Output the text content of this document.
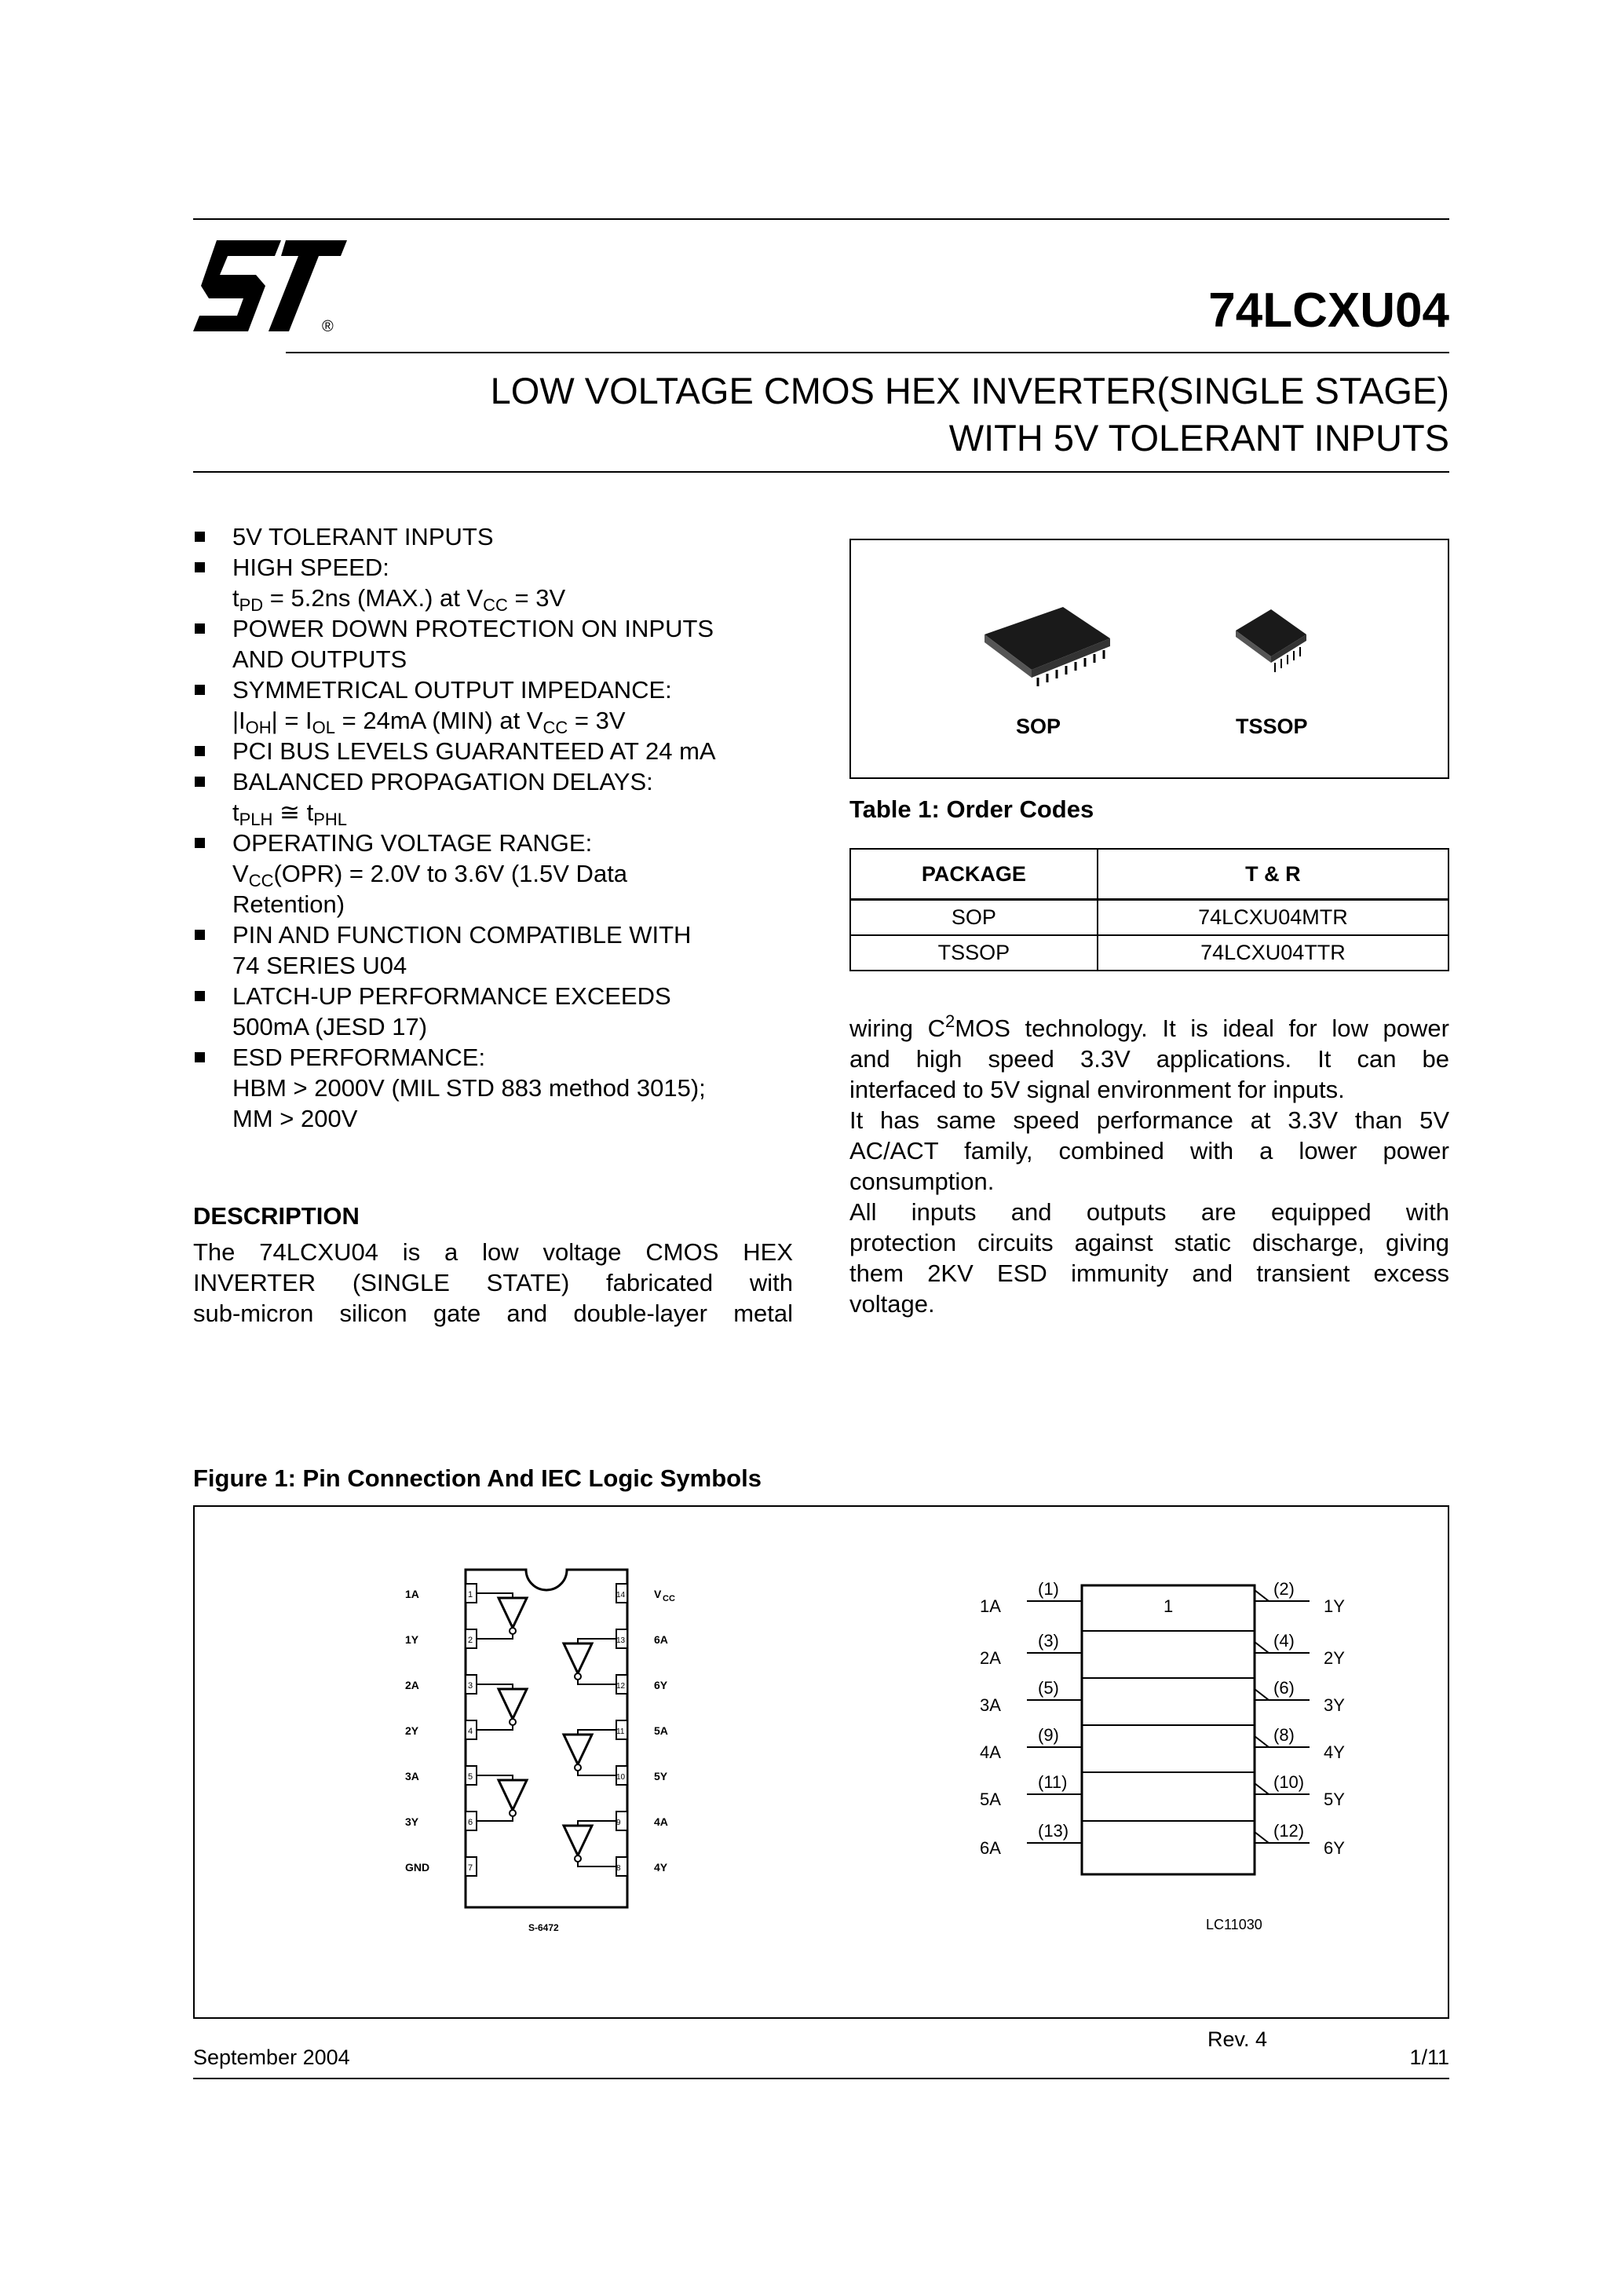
®	74LCXU04
LOW VOLTAGE CMOS HEX INVERTER(SINGLE STAGE)
WITH 5V TOLERANT INPUTS
5V TOLERANT INPUTS
HIGH SPEED:
$t_{PD} = 5.2ns$ (MAX.) at $V_{CC} = 3V$
POWER DOWN PROTECTION ON INPUTS
AND OUTPUTS
SYMMETRICAL OUTPUT IMPEDANCE:
$|I_{OH}| = I_{OL} = 24mA$ (MIN) at $V_{CC} = 3V$
PCI BUS LEVELS GUARANTEED AT 24 mA
BALANCED PROPAGATION DELAYS:
$t_{PLH}$ ≅ $t_{PHL}$
OPERATING VOLTAGE RANGE:
$V_{CC}(OPR) = 2.0V$ to 3.6V (1.5V Data
Retention)
PIN AND FUNCTION COMPATIBLE WITH
74 SERIES U04
LATCH-UP PERFORMANCE EXCEEDS
500mA (JESD 17)
ESD PERFORMANCE:
HBM > 2000V (MIL STD 883 method 3015);
MM > 200V
DESCRIPTION
The 74LCXU04 is a low voltage CMOS HEX
INVERTER (SINGLE STATE) fabricated with
sub-micron silicon gate and double-layer metal
wiring $C^2MOS$ technology. It is ideal for low power
and high speed 3.3V applications. It can be
interfaced to 5V signal environment for inputs.
It has same speed performance at 3.3V than 5V
AC/ACT family, combined with a lower power
consumption.
All inputs and outputs are equipped with
protection circuits against static discharge, giving
them 2KV ESD immunity and transient excess
voltage.
SOP	TSSOP
Table 1: Order Codes
PACKAGE	T & R
SOP	74LCXU04MTR
TSSOP	74LCXU04TTR
Figure 1: Pin Connection And IEC Logic Symbols
1A	1
1Y	2
2A	3
2Y	4
3A	5
3Y	6
GND	7
14	V
13	6A
12	6Y
11	5A
10	5Y
9	4A
8	4Y
CC
S-6472
1
(1)
1A
(2)
1Y
(3)
2A
(4)
2Y
(5)
3A
(6)
3Y
(9)
4A
(8)
4Y
(11)
5A
(10)
5Y
(13)
6A
(12)
6Y
LC11030
Rev. 4
September 2004	1/11
